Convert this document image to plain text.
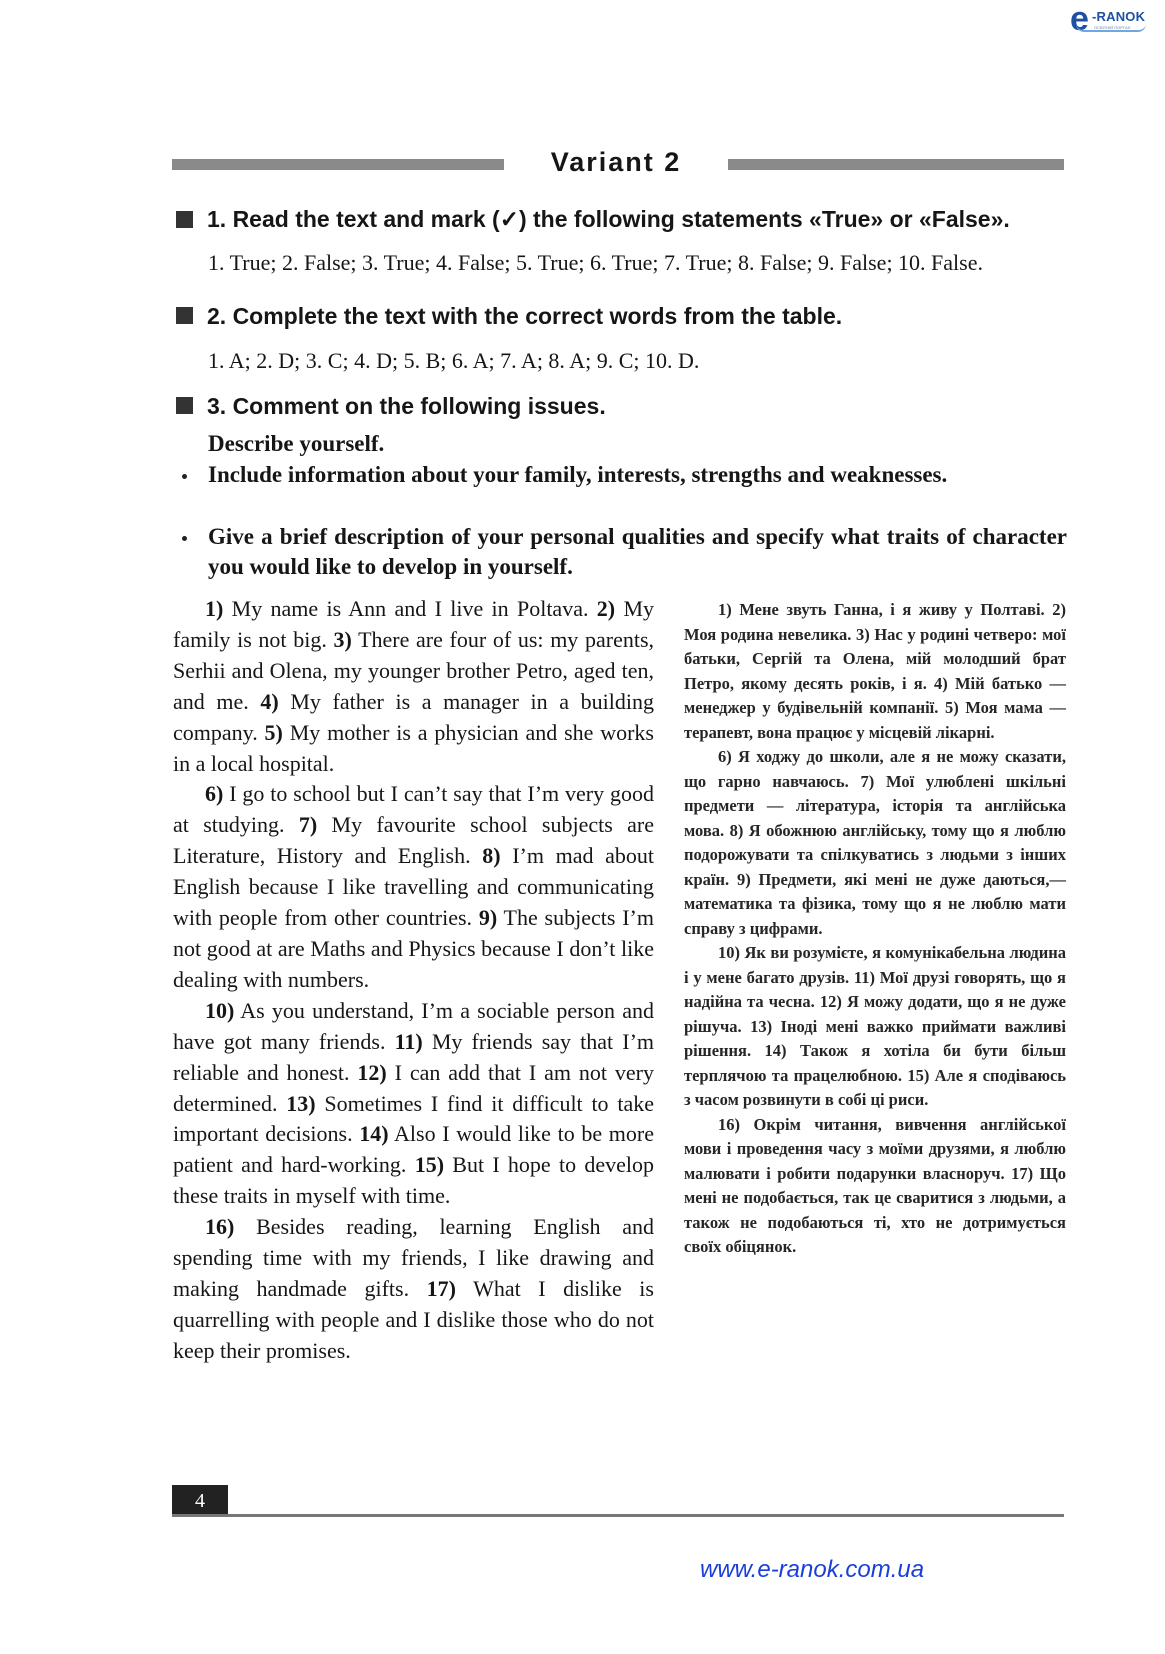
e -RANOK
ОСВІТНІЙ ПОРТАЛ
Variant 2
1. Read the text and mark (✓) the following statements «True» or «False».
1. True; 2. False; 3. True; 4. False; 5. True; 6. True; 7. True; 8. False; 9. False; 10. False.
2. Complete the text with the correct words from the table.
1. A; 2. D; 3. C; 4. D; 5. B; 6. A; 7. A; 8. A; 9. C; 10. D.
3. Comment on the following issues.
Describe yourself.
Include information about your family, interests, strengths and weaknesses.
Give a brief description of your personal qualities and specify what traits of character you would like to develop in yourself.

1) My name is Ann and I live in Poltava. 2) My family is not big. 3) There are four of us: my parents, Serhii and Olena, my younger brother Petro, aged ten, and me. 4) My father is a manager in a building company. 5) My mother is a physician and she works in a local hospital.

6) I go to school but I can’t say that I’m very good at studying. 7) My favourite school subjects are Literature, History and English. 8) I’m mad about English because I like travelling and communicating with people from other countries. 9) The subjects I’m not good at are Maths and Physics because I don’t like dealing with numbers.

10) As you understand, I’m a sociable person and have got many friends. 11) My friends say that I’m reliable and honest. 12) I can add that I am not very determined. 13) Sometimes I find it difficult to take important decisions. 14) Also I would like to be more patient and hard-working. 15) But I hope to develop these traits in myself with time.

16) Besides reading, learning English and spending time with my friends, I like drawing and making handmade gifts. 17) What I dislike is quarrelling with people and I dislike those who do not keep their promises.

1) Мене звуть Ганна, і я живу у Полтаві. 2) Моя родина невелика. 3) Нас у родині четверо: мої батьки, Сергій та Олена, мій молодший брат Петро, якому десять років, і я. 4) Мій батько — менеджер у будівельній компанії. 5) Моя мама — терапевт, вона працює у місцевій лікарні.

6) Я ходжу до школи, але я не можу сказати, що гарно навчаюсь. 7) Мої улюблені шкільні предмети — література, історія та англійська мова. 8) Я обожнюю англійську, тому що я люблю подорожувати та спілкуватись з людьми з інших країн. 9) Предмети, які мені не дуже даються,— математика та фізика, тому що я не люблю мати справу з цифрами.

10) Як ви розумієте, я комунікабельна людина і у мене багато друзів. 11) Мої друзі говорять, що я надійна та чесна. 12) Я можу додати, що я не дуже рішуча. 13) Іноді мені важко приймати важливі рішення. 14) Також я хотіла би бути більш терплячою та працелюбною. 15) Але я сподіваюсь з часом розвинути в собі ці риси.

16) Окрім читання, вивчення англійської мови і проведення часу з моїми друзями, я люблю малювати і робити подарунки власноруч. 17) Що мені не подобається, так це сваритися з людьми, а також не подобаються ті, хто не дотримується своїх обіцянок.

4
www.e-ranok.com.ua
